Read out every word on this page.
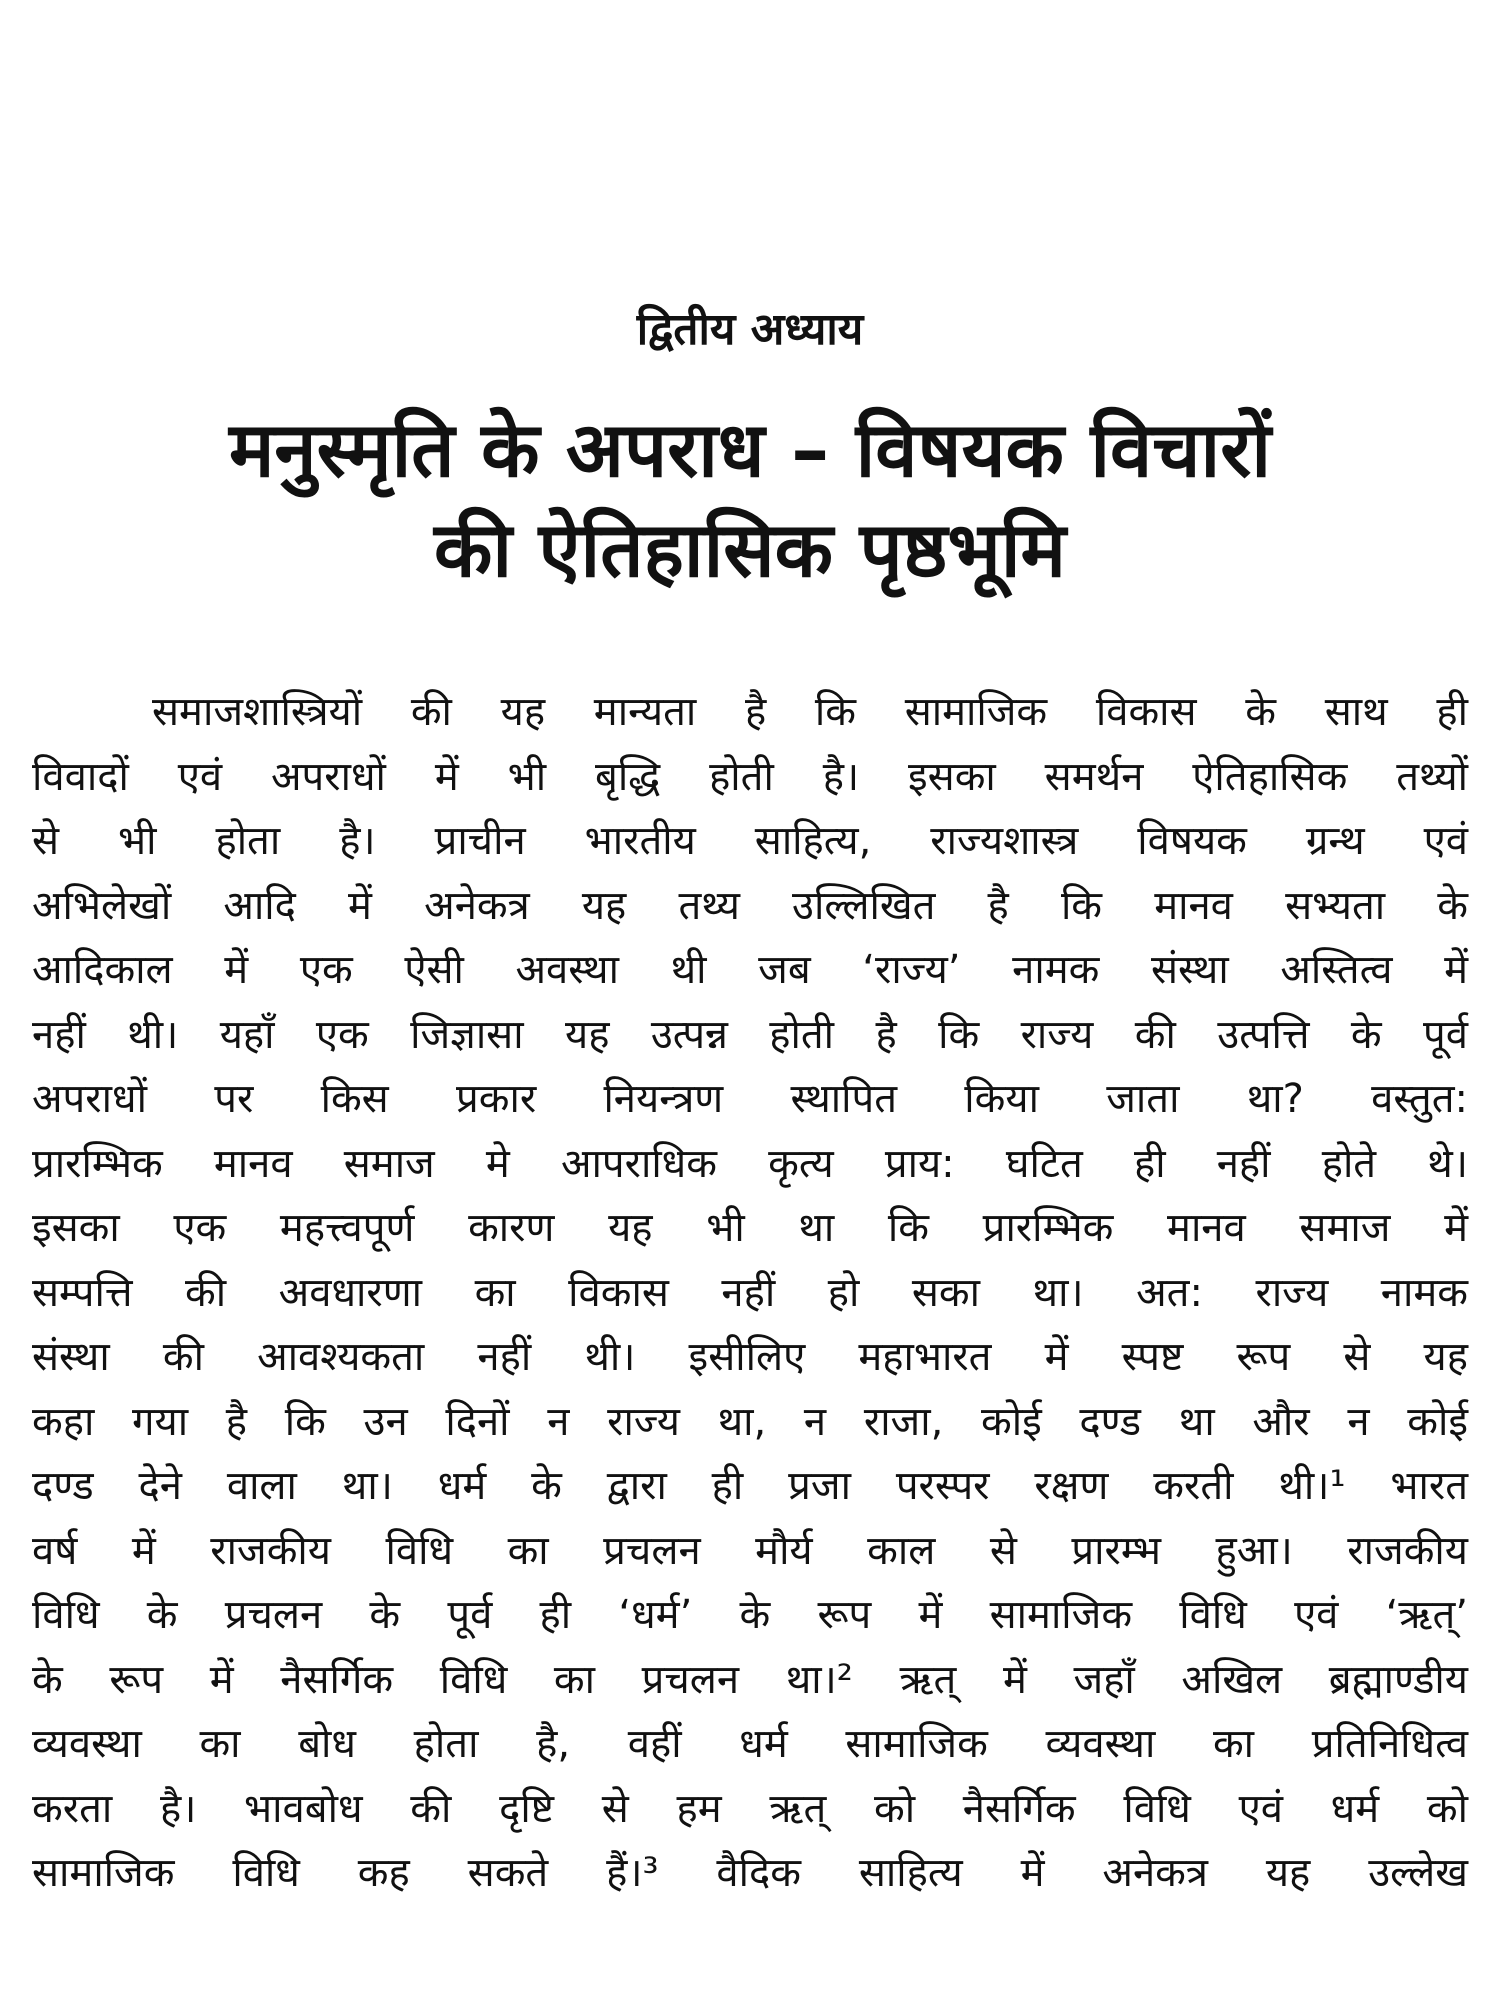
द्वितीय अध्याय
मनुस्मृति के अपराध – विषयक विचारों
की ऐतिहासिक पृष्ठभूमि
समाजशास्त्रियों की यह मान्यता है कि सामाजिक विकास के साथ ही
विवादों एवं अपराधों में भी बृद्धि होती है। इसका समर्थन ऐतिहासिक तथ्यों
से भी होता है। प्राचीन भारतीय साहित्य, राज्यशास्त्र विषयक ग्रन्थ एवं
अभिलेखों आदि में अनेकत्र यह तथ्य उल्लिखित है कि मानव सभ्यता के
आदिकाल में एक ऐसी अवस्था थी जब ‘राज्य’ नामक संस्था अस्तित्व में
नहीं थी। यहाँ एक जिज्ञासा यह उत्पन्न होती है कि राज्य की उत्पत्ति के पूर्व
अपराधों पर किस प्रकार नियन्त्रण स्थापित किया जाता था? वस्तुत:
प्रारम्भिक मानव समाज मे आपराधिक कृत्य प्राय: घटित ही नहीं होते थे।
इसका एक महत्त्वपूर्ण कारण यह भी था कि प्रारम्भिक मानव समाज में
सम्पत्ति की अवधारणा का विकास नहीं हो सका था। अत: राज्य नामक
संस्था की आवश्यकता नहीं थी। इसीलिए महाभारत में स्पष्ट रूप से यह
कहा गया है कि उन दिनों न राज्य था, न राजा, कोई दण्ड था और न कोई
दण्ड देने वाला था। धर्म के द्वारा ही प्रजा परस्पर रक्षण करती थी।¹ भारत
वर्ष में राजकीय विधि का प्रचलन मौर्य काल से प्रारम्भ हुआ। राजकीय
विधि के प्रचलन के पूर्व ही ‘धर्म’ के रूप में सामाजिक विधि एवं ‘ऋत्’
के रूप में नैसर्गिक विधि का प्रचलन था।² ऋत् में जहाँ अखिल ब्रह्माण्डीय
व्यवस्था का बोध होता है, वहीं धर्म सामाजिक व्यवस्था का प्रतिनिधित्व
करता है। भावबोध की दृष्टि से हम ऋत् को नैसर्गिक विधि एवं धर्म को
सामाजिक विधि कह सकते हैं।³ वैदिक साहित्य में अनेकत्र यह उल्लेख
